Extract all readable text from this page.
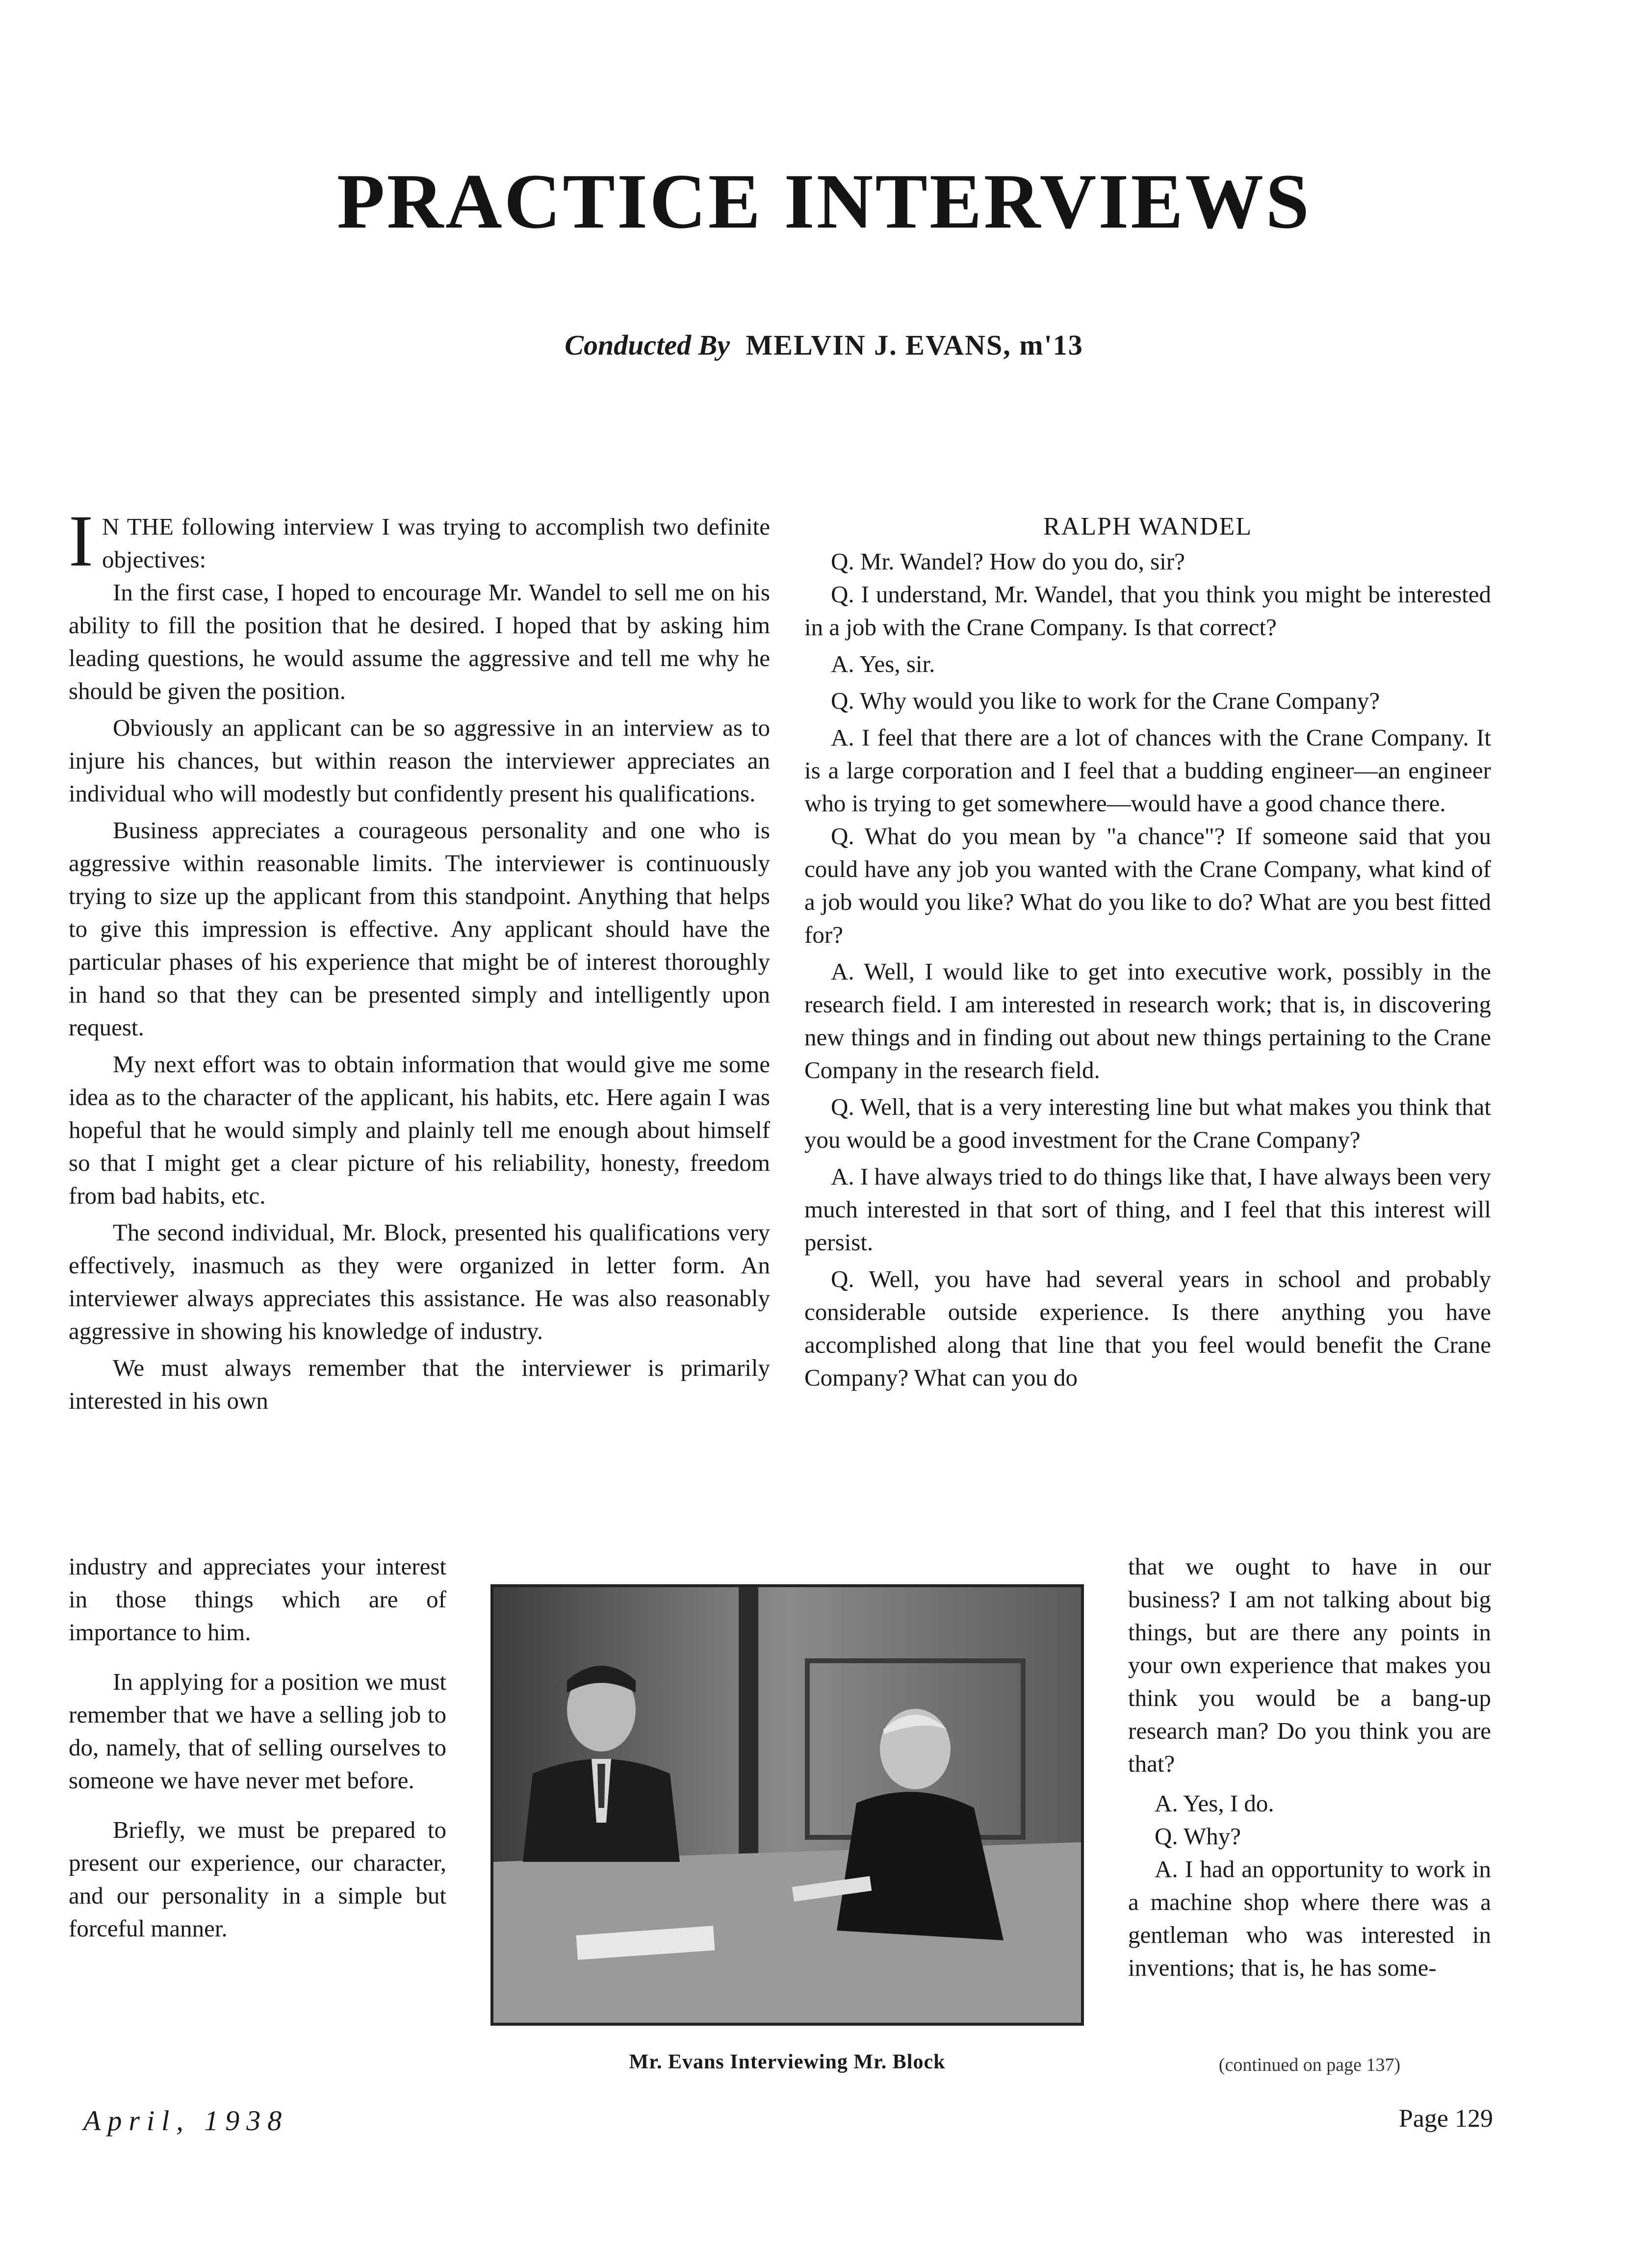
PRACTICE INTERVIEWS
Conducted By MELVIN J. EVANS, m'13

I N THE following interview I was trying to accomplish two definite objectives:

In the first case, I hoped to encourage Mr. Wandel to sell me on his ability to fill the position that he desired. I hoped that by asking him leading questions, he would assume the aggressive and tell me why he should be given the position.

Obviously an applicant can be so aggressive in an interview as to injure his chances, but within reason the interviewer appreciates an individual who will modestly but confidently present his qualifications.

Business appreciates a courageous personality and one who is aggressive within reasonable limits. The interviewer is continuously trying to size up the applicant from this standpoint. Anything that helps to give this impression is effective. Any applicant should have the particular phases of his experience that might be of interest thoroughly in hand so that they can be presented simply and intelligently upon request.

My next effort was to obtain information that would give me some idea as to the character of the applicant, his habits, etc. Here again I was hopeful that he would simply and plainly tell me enough about himself so that I might get a clear picture of his reliability, honesty, freedom from bad habits, etc.

The second individual, Mr. Block, presented his qualifications very effectively, inasmuch as they were organized in letter form. An interviewer always appreciates this assistance. He was also reasonably aggressive in showing his knowledge of industry.

We must always remember that the interviewer is primarily interested in his own

industry and appreciates your interest in those things which are of importance to him.

In applying for a position we must remember that we have a selling job to do, namely, that of selling ourselves to someone we have never met before.

Briefly, we must be prepared to present our experience, our character, and our personality in a simple but forceful manner.

RALPH WANDEL

Q. Mr. Wandel? How do you do, sir?

Q. I understand, Mr. Wandel, that you think you might be interested in a job with the Crane Company. Is that correct?

A. Yes, sir.

Q. Why would you like to work for the Crane Company?

A. I feel that there are a lot of chances with the Crane Company. It is a large corporation and I feel that a budding engineer—an engineer who is trying to get somewhere—would have a good chance there.

Q. What do you mean by "a chance"? If someone said that you could have any job you wanted with the Crane Company, what kind of a job would you like? What do you like to do? What are you best fitted for?

A. Well, I would like to get into executive work, possibly in the research field. I am interested in research work; that is, in discovering new things and in finding out about new things pertaining to the Crane Company in the research field.

Q. Well, that is a very interesting line but what makes you think that you would be a good investment for the Crane Company?

A. I have always tried to do things like that, I have always been very much interested in that sort of thing, and I feel that this interest will persist.

Q. Well, you have had several years in school and probably considerable outside experience. Is there anything you have accomplished along that line that you feel would benefit the Crane Company? What can you do

that we ought to have in our business? I am not talking about big things, but are there any points in your own experience that makes you think you would be a bang-up research man? Do you think you are that?

A. Yes, I do.

Q. Why?

A. I had an opportunity to work in a machine shop where there was a gentleman who was interested in inventions; that is, he has some-

(continued on page 137)
Mr. Evans Interviewing Mr. Block
April, 1938	Page 129
